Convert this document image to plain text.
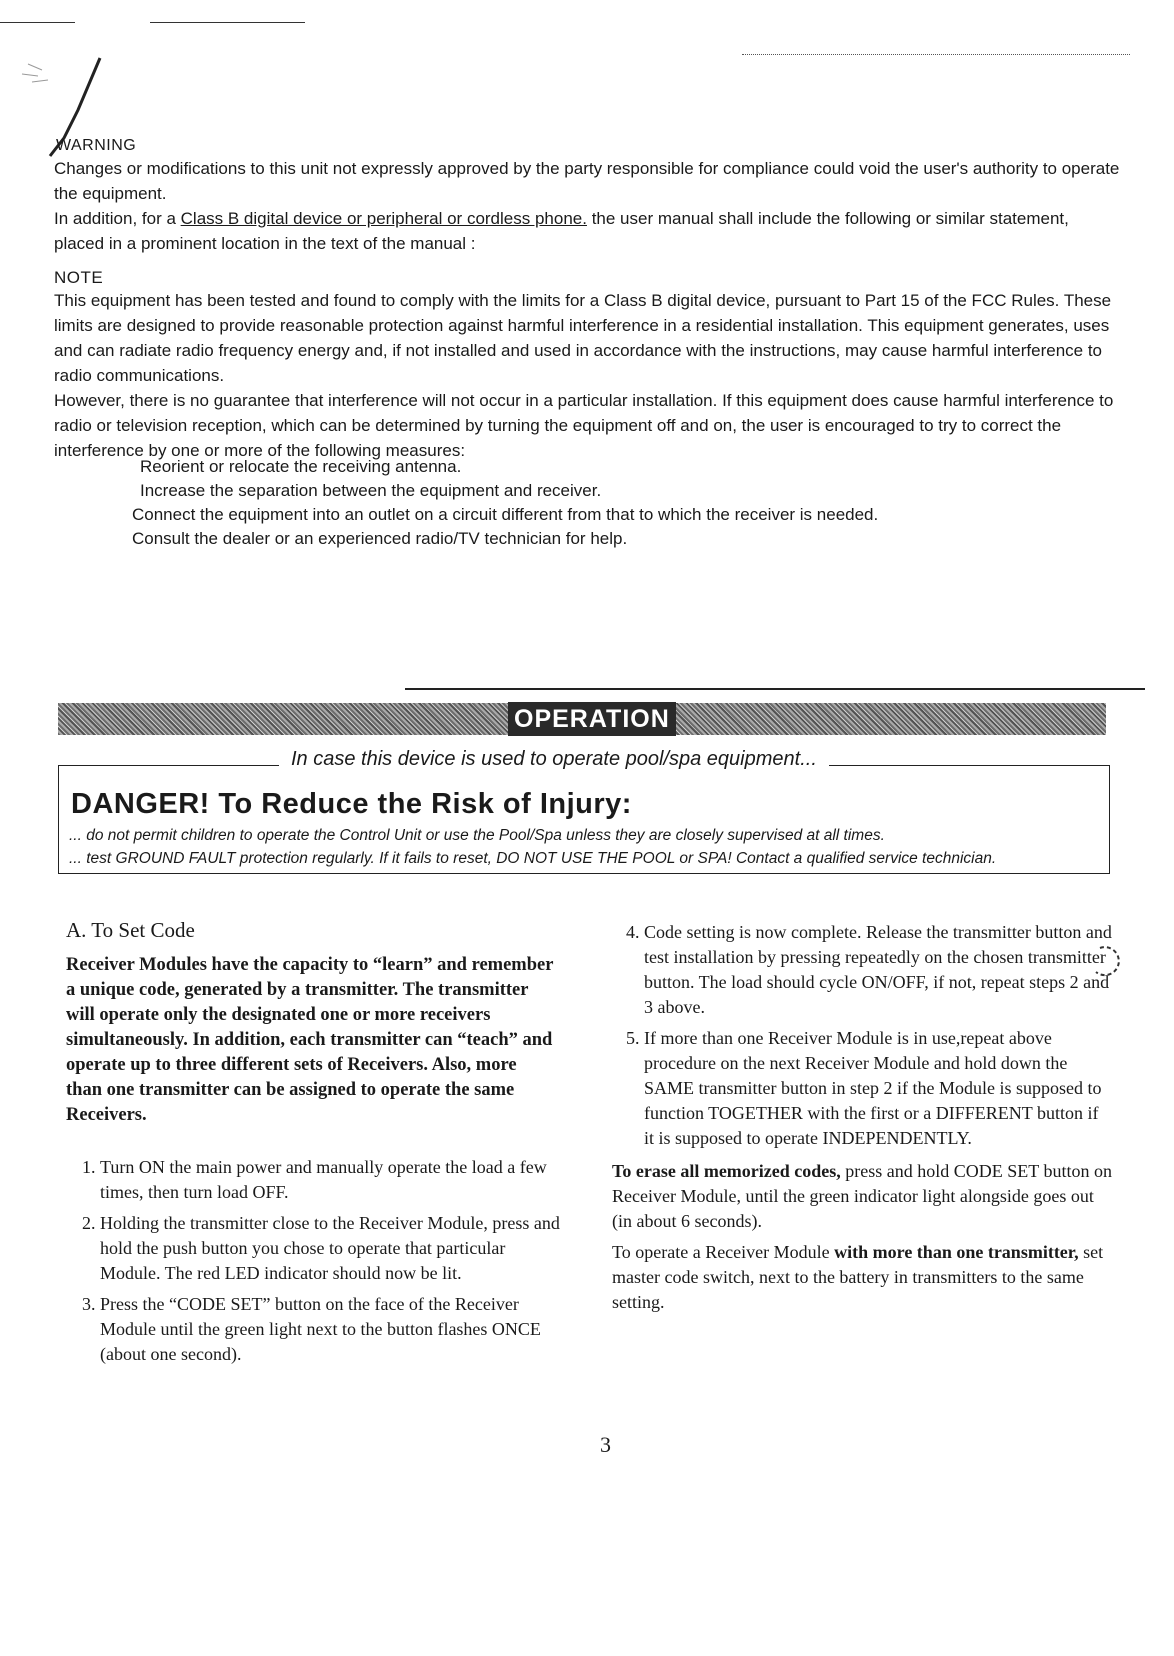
WARNING

Changes or modifications to this unit not expressly approved by the party responsible for compliance could void the user's authority to operate the equipment.

In addition, for a Class B digital device or peripheral or cordless phone. the user manual shall include the following or similar statement, placed in a prominent location in the text of the manual :

NOTE

This equipment has been tested and found to comply with the limits for a Class B digital device, pursuant to Part 15 of the FCC Rules. These limits are designed to provide reasonable protection against harmful interference in a residential installation. This equipment generates, uses and can radiate radio frequency energy and, if not installed and used in accordance with the instructions, may cause harmful interference to radio communications.

However, there is no guarantee that interference will not occur in a particular installation. If this equipment does cause harmful interference to radio or television reception, which can be determined by turning the equipment off and on, the user is encouraged to try to correct the interference by one or more of the following measures:

Reorient or relocate the receiving antenna.
Increase the separation between the equipment and receiver.
Connect the equipment into an outlet on a circuit different from that to which the receiver is needed.
Consult the dealer or an experienced radio/TV technician for help.
OPERATION
In case this device is used to operate pool/spa equipment...
DANGER! To Reduce the Risk of Injury:
... do not permit children to operate the Control Unit or use the Pool/Spa unless they are closely supervised at all times.
... test GROUND FAULT protection regularly. If it fails to reset, DO NOT USE THE POOL or SPA! Contact a qualified service technician.
A. To Set Code
Receiver Modules have the capacity to “learn” and remember a unique code, generated by a transmitter. The transmitter will operate only the designated one or more receivers simultaneously. In addition, each transmitter can “teach” and operate up to three different sets of Receivers. Also, more than one transmitter can be assigned to operate the same Receivers.
1. Turn ON the main power and manually operate the load a few times, then turn load OFF.
2. Holding the transmitter close to the Receiver Module, press and hold the push button you chose to operate that particular Module. The red LED indicator should now be lit.
3. Press the “CODE SET” button on the face of the Receiver Module until the green light next to the button flashes ONCE (about one second).
4. Code setting is now complete. Release the transmitter button and test installation by pressing repeatedly on the chosen transmitter button. The load should cycle ON/OFF, if not, repeat steps 2 and 3 above.
5. If more than one Receiver Module is in use,repeat above procedure on the next Receiver Module and hold down the SAME transmitter button in step 2 if the Module is supposed to function TOGETHER with the first or a DIFFERENT button if it is supposed to operate INDEPENDENTLY.

To erase all memorized codes, press and hold CODE SET button on Receiver Module, until the green indicator light alongside goes out (in about 6 seconds).

To operate a Receiver Module with more than one transmitter, set master code switch, next to the battery in transmitters to the same setting.

3
